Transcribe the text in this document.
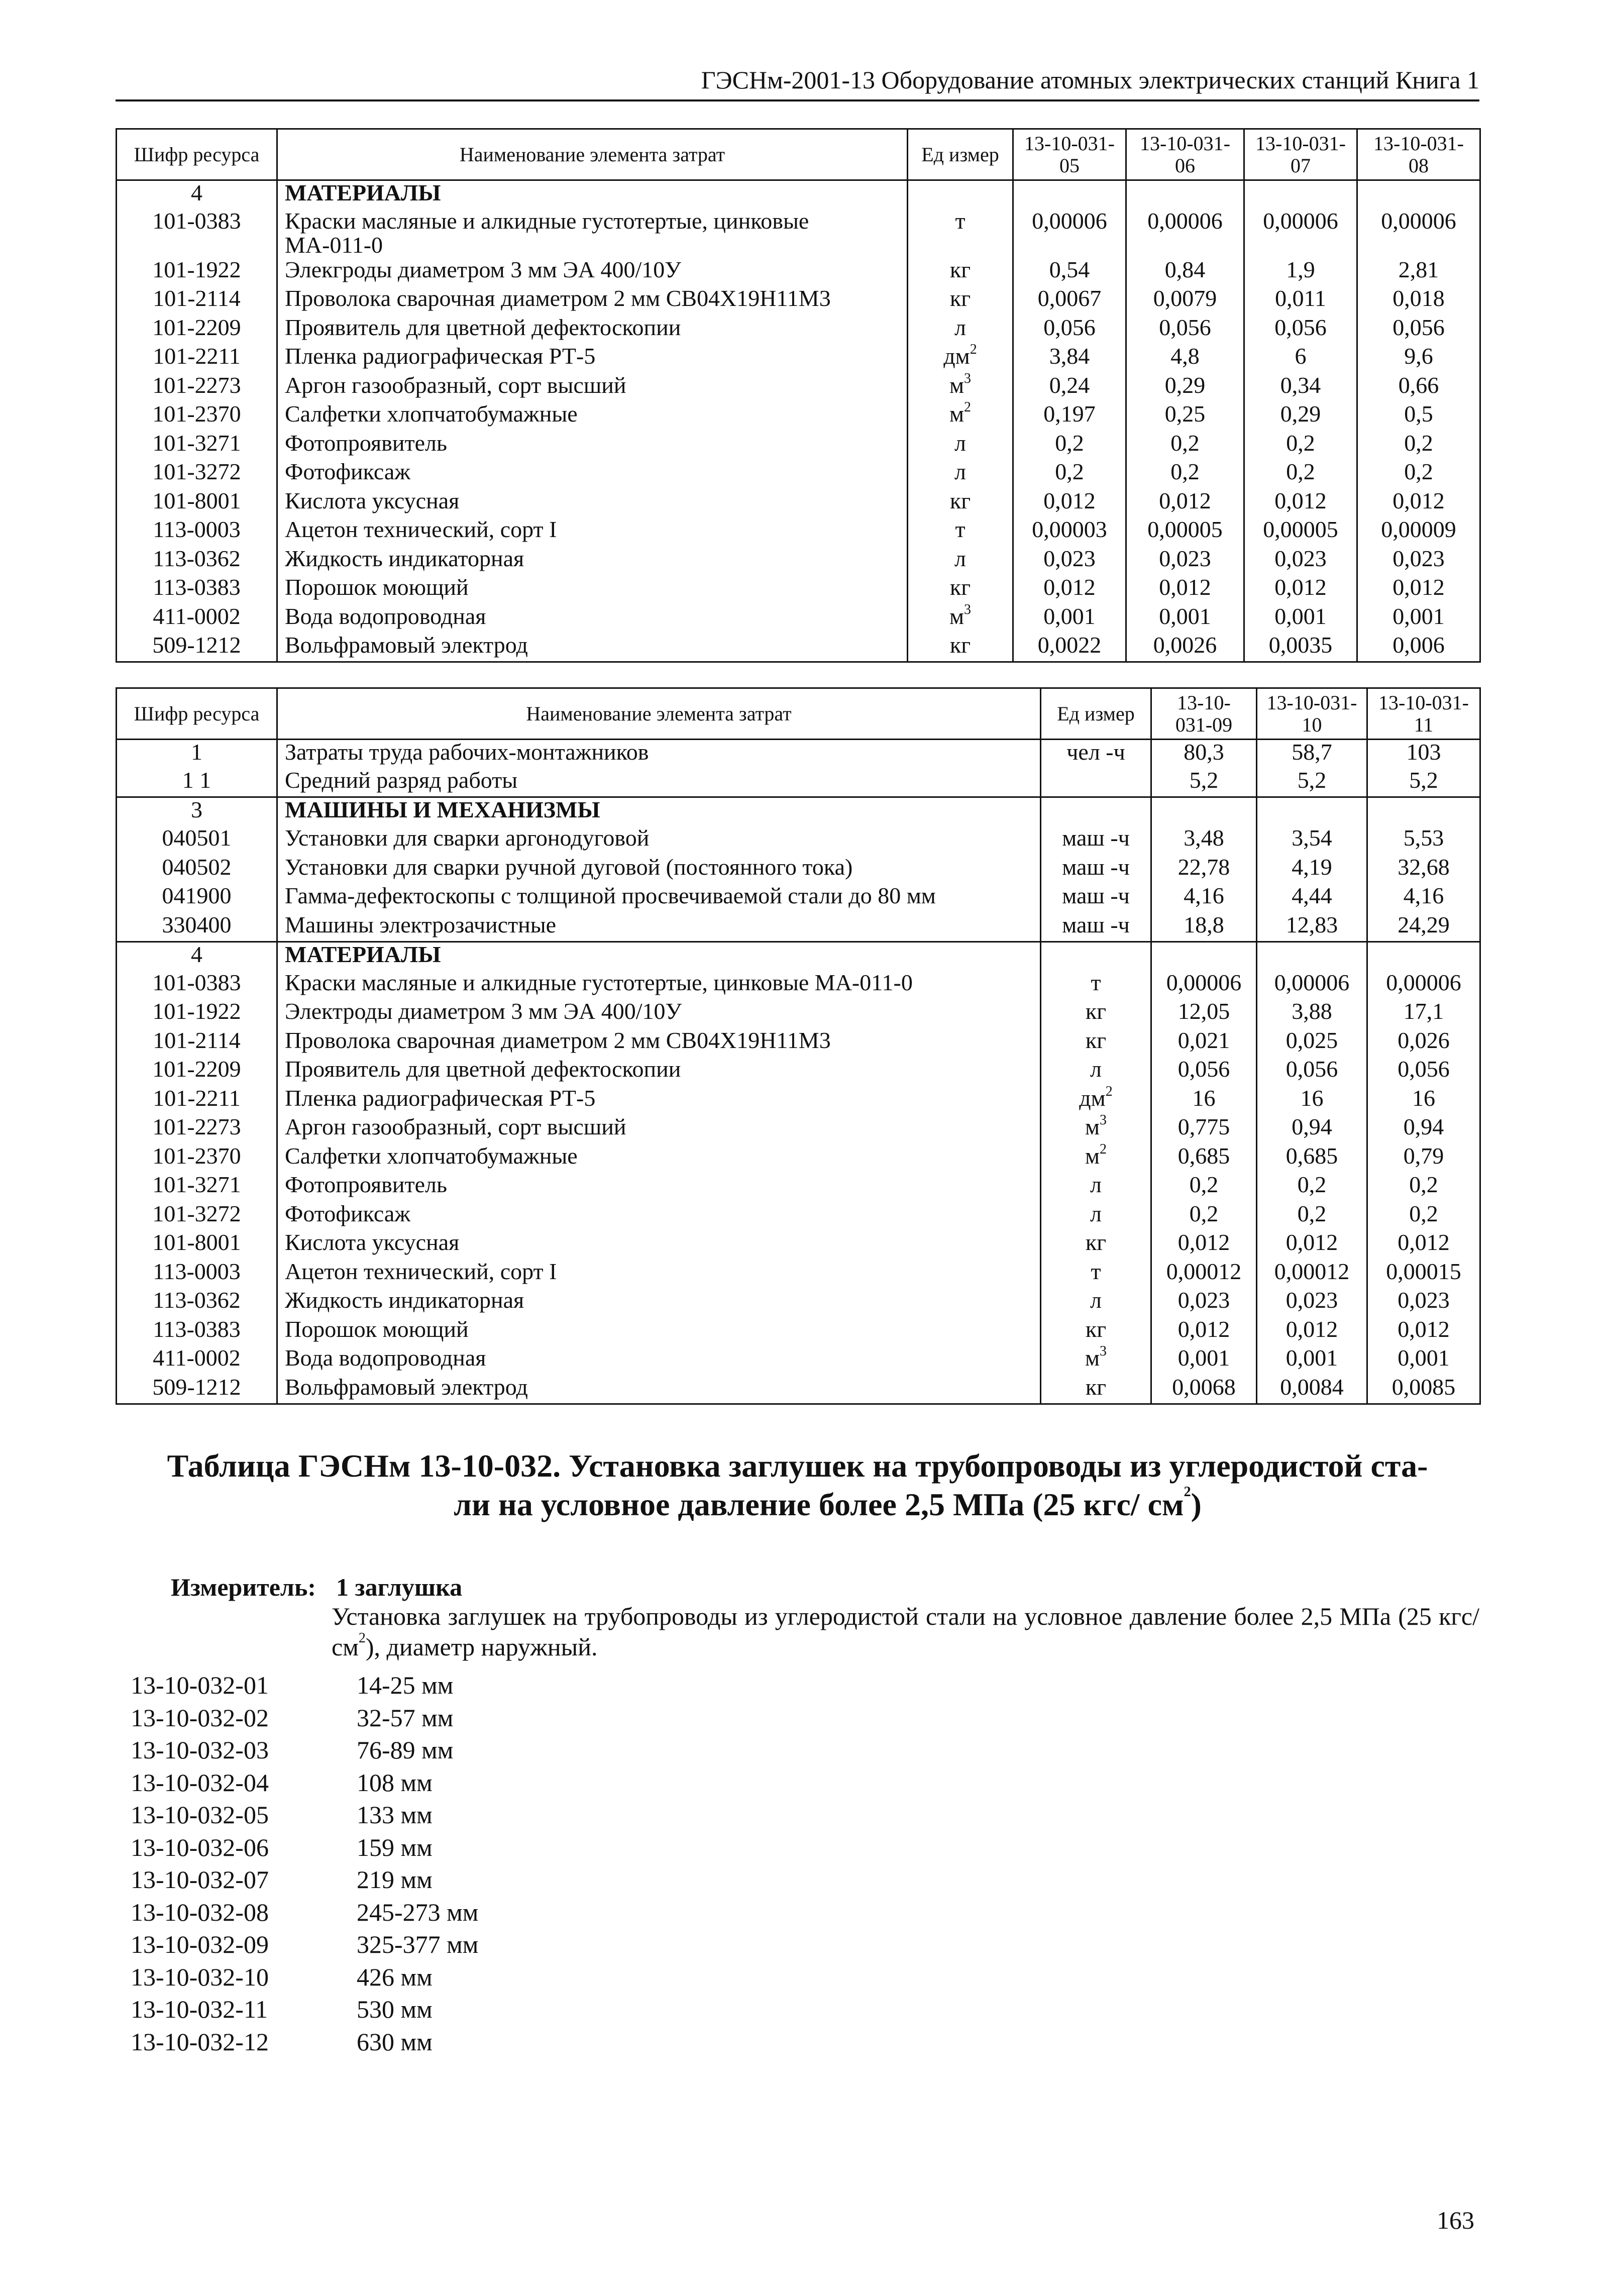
ГЭСНм-2001-13 Оборудование атомных электрических станций Книга 1
Шифр ресурса	Наименование элемента затрат	Ед измер	13-10-031-05	13-10-031-06	13-10-031-07	13-10-031-08
4	МАТЕРИАЛЫ					
101-0383	Краски масляные и алкидные густотертые, цинковые МА-011-0	т	0,00006	0,00006	0,00006	0,00006
101-1922	Элекгроды диаметром 3 мм ЭА 400/10У	кг	0,54	0,84	1,9	2,81
101-2114	Проволока сварочная диаметром 2 мм СВ04Х19Н11М3	кг	0,0067	0,0079	0,011	0,018
101-2209	Проявитель для цветной дефектоскопии	л	0,056	0,056	0,056	0,056
101-2211	Пленка радиографическая РТ-5	$дм^2$	3,84	4,8	6	9,6
101-2273	Аргон газообразный, сорт высший	$м^3$	0,24	0,29	0,34	0,66
101-2370	Салфетки хлопчатобумажные	$м^2$	0,197	0,25	0,29	0,5
101-3271	Фотопроявитель	л	0,2	0,2	0,2	0,2
101-3272	Фотофиксаж	л	0,2	0,2	0,2	0,2
101-8001	Кислота уксусная	кг	0,012	0,012	0,012	0,012
113-0003	Ацетон технический, сорт I	т	0,00003	0,00005	0,00005	0,00009
113-0362	Жидкость индикаторная	л	0,023	0,023	0,023	0,023
113-0383	Порошок моющий	кг	0,012	0,012	0,012	0,012
411-0002	Вода водопроводная	$м^3$	0,001	0,001	0,001	0,001
509-1212	Вольфрамовый электрод	кг	0,0022	0,0026	0,0035	0,006
Шифр ресурса	Наименование элемента затрат	Ед измер	13-10-031-09	13-10-031-10	13-10-031-11
1	Затраты труда рабочих-монтажников	чел -ч	80,3	58,7	103
1 1	Средний разряд работы		5,2	5,2	5,2
3	МАШИНЫ И МЕХАНИЗМЫ				
040501	Установки для сварки аргонодуговой	маш -ч	3,48	3,54	5,53
040502	Установки для сварки ручной дуговой (постоянного тока)	маш -ч	22,78	4,19	32,68
041900	Гамма-дефектоскопы с толщиной просвечиваемой стали до 80 мм	маш -ч	4,16	4,44	4,16
330400	Машины электрозачистные	маш -ч	18,8	12,83	24,29
4	МАТЕРИАЛЫ				
101-0383	Краски масляные и алкидные густотертые, цинковые МА-011-0	т	0,00006	0,00006	0,00006
101-1922	Электроды диаметром 3 мм ЭА 400/10У	кг	12,05	3,88	17,1
101-2114	Проволока сварочная диаметром 2 мм СВ04Х19Н11М3	кг	0,021	0,025	0,026
101-2209	Проявитель для цветной дефектоскопии	л	0,056	0,056	0,056
101-2211	Пленка радиографическая РТ-5	$дм^2$	16	16	16
101-2273	Аргон газообразный, сорт высший	$м^3$	0,775	0,94	0,94
101-2370	Салфетки хлопчатобумажные	$м^2$	0,685	0,685	0,79
101-3271	Фотопроявитель	л	0,2	0,2	0,2
101-3272	Фотофиксаж	л	0,2	0,2	0,2
101-8001	Кислота уксусная	кг	0,012	0,012	0,012
113-0003	Ацетон технический, сорт I	т	0,00012	0,00012	0,00015
113-0362	Жидкость индикаторная	л	0,023	0,023	0,023
113-0383	Порошок моющий	кг	0,012	0,012	0,012
411-0002	Вода водопроводная	$м^3$	0,001	0,001	0,001
509-1212	Вольфрамовый электрод	кг	0,0068	0,0084	0,0085
Таблица ГЭСНм 13-10-032. Установка заглушек на трубопроводы из углеродистой ста-
ли на условное давление более 2,5 МПа (25 кгс/ $см^2$)
Измеритель: 1 заглушка
Установка заглушек на трубопроводы из углеродистой стали на условное давление более 2,5 МПа (25 кгс/$см^2$), диаметр наружный.
13-10-032-01	14-25 мм
13-10-032-02	32-57 мм
13-10-032-03	76-89 мм
13-10-032-04	108 мм
13-10-032-05	133 мм
13-10-032-06	159 мм
13-10-032-07	219 мм
13-10-032-08	245-273 мм
13-10-032-09	325-377 мм
13-10-032-10	426 мм
13-10-032-11	530 мм
13-10-032-12	630 мм
163
